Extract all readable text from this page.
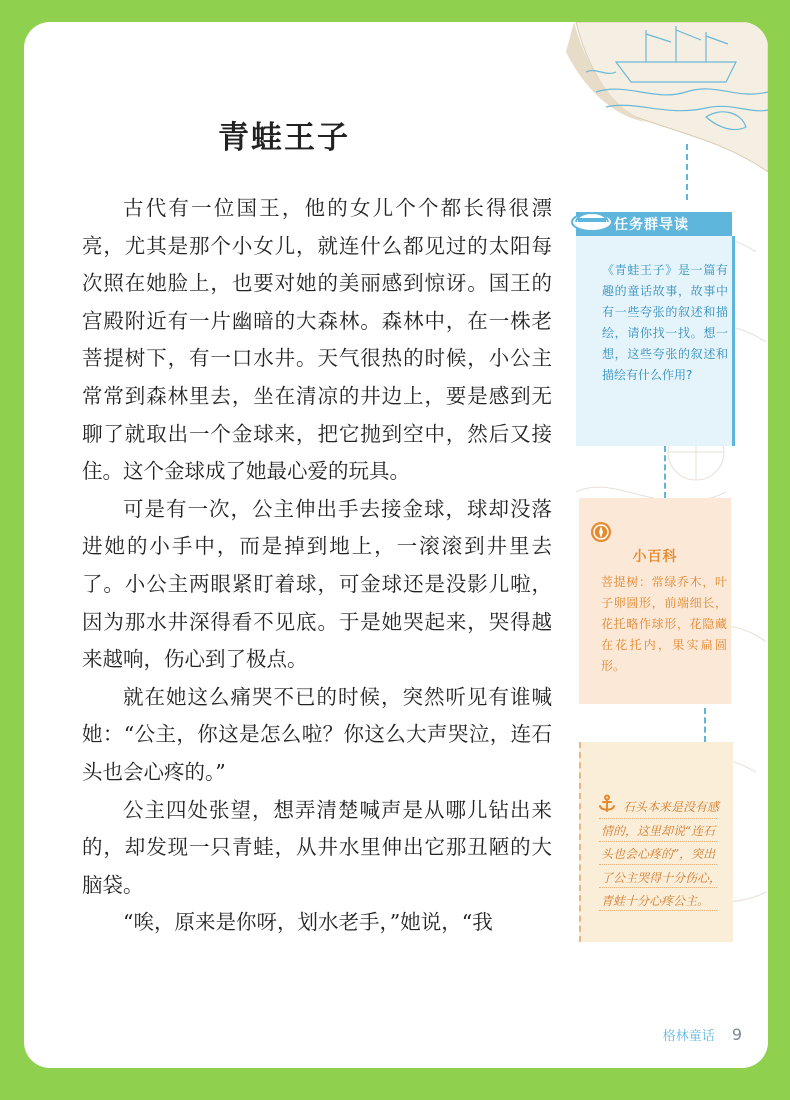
青蛙王子

古代有一位国王，他的女儿个个都长得很漂亮，尤其是那个小女儿，就连什么都见过的太阳每次照在她脸上，也要对她的美丽感到惊讶。国王的宫殿附近有一片幽暗的大森林。森林中，在一株老菩提树下，有一口水井。天气很热的时候，小公主常常到森林里去，坐在清凉的井边上，要是感到无聊了就取出一个金球来，把它抛到空中，然后又接住。这个金球成了她最心爱的玩具。

可是有一次，公主伸出手去接金球，球却没落进她的小手中，而是掉到地上，一滚滚到井里去了。小公主两眼紧盯着球，可金球还是没影儿啦，因为那水井深得看不见底。于是她哭起来，哭得越来越响，伤心到了极点。

就在她这么痛哭不已的时候，突然听见有谁喊她：“公主，你这是怎么啦？你这么大声哭泣，连石头也会心疼的。”

公主四处张望，想弄清楚喊声是从哪儿钻出来的，却发现一只青蛙，从井水里伸出它那丑陋的大脑袋。

“唉，原来是你呀，划水老手，”她说，“我

任务群导读
《青蛙王子》是一篇有趣的童话故事，故事中有一些夸张的叙述和描绘，请你找一找。想一想，这些夸张的叙述和描绘有什么作用?
小百科
菩提树：常绿乔木，叶子卵圆形，前端细长，花托略作球形，花隐藏在花托内，果实扁圆形。
石头本来是没有感情的，这里却说“连石头也会心疼的”，突出了公主哭得十分伤心，青蛙十分心疼公主。
格林童话 9
